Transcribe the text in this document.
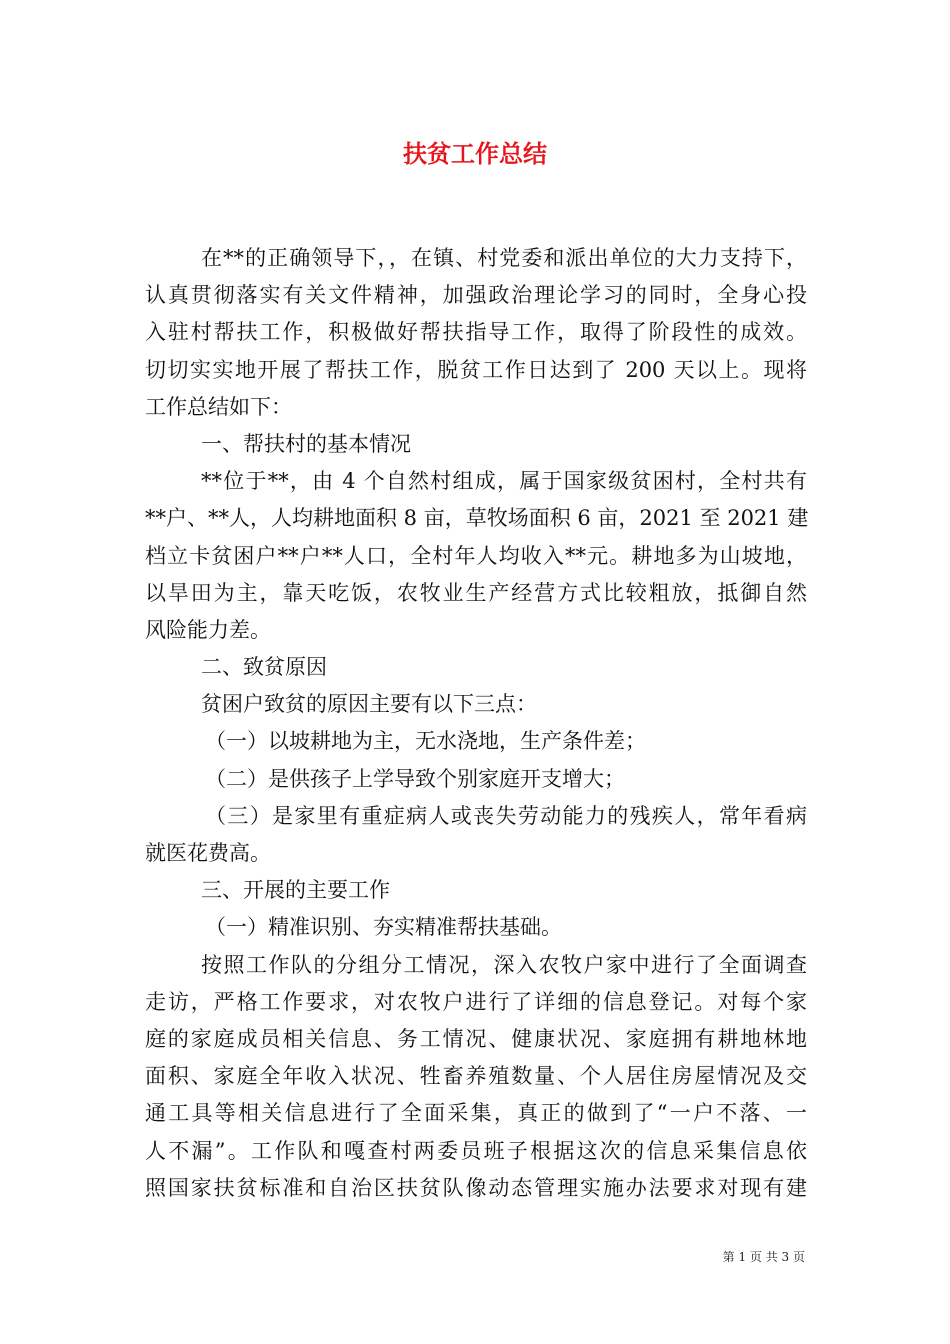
扶贫工作总结
在**的正确领导下，，在镇、村党委和派出单位的大力支持下，
认真贯彻落实有关文件精神，加强政治理论学习的同时，全身心投
入驻村帮扶工作，积极做好帮扶指导工作，取得了阶段性的成效。
切切实实地开展了帮扶工作，脱贫工作日达到了 200 天以上。现将
工作总结如下：
一、帮扶村的基本情况
**位于**，由 4 个自然村组成，属于国家级贫困村，全村共有
**户、**人，人均耕地面积 8 亩，草牧场面积 6 亩，2021 至 2021 建
档立卡贫困户**户**人口，全村年人均收入**元。耕地多为山坡地，
以旱田为主，靠天吃饭，农牧业生产经营方式比较粗放，抵御自然
风险能力差。
二、致贫原因
贫困户致贫的原因主要有以下三点：
（一）以坡耕地为主，无水浇地，生产条件差；
（二）是供孩子上学导致个别家庭开支增大；
（三）是家里有重症病人或丧失劳动能力的残疾人，常年看病
就医花费高。
三、开展的主要工作
（一）精准识别、夯实精准帮扶基础。
按照工作队的分组分工情况，深入农牧户家中进行了全面调查
走访，严格工作要求，对农牧户进行了详细的信息登记。对每个家
庭的家庭成员相关信息、务工情况、健康状况、家庭拥有耕地林地
面积、家庭全年收入状况、牲畜养殖数量、个人居住房屋情况及交
通工具等相关信息进行了全面采集，真正的做到了“一户不落、一
人不漏”。工作队和嘎查村两委员班子根据这次的信息采集信息依
照国家扶贫标准和自治区扶贫队像动态管理实施办法要求对现有建
第 1 页 共 3 页
